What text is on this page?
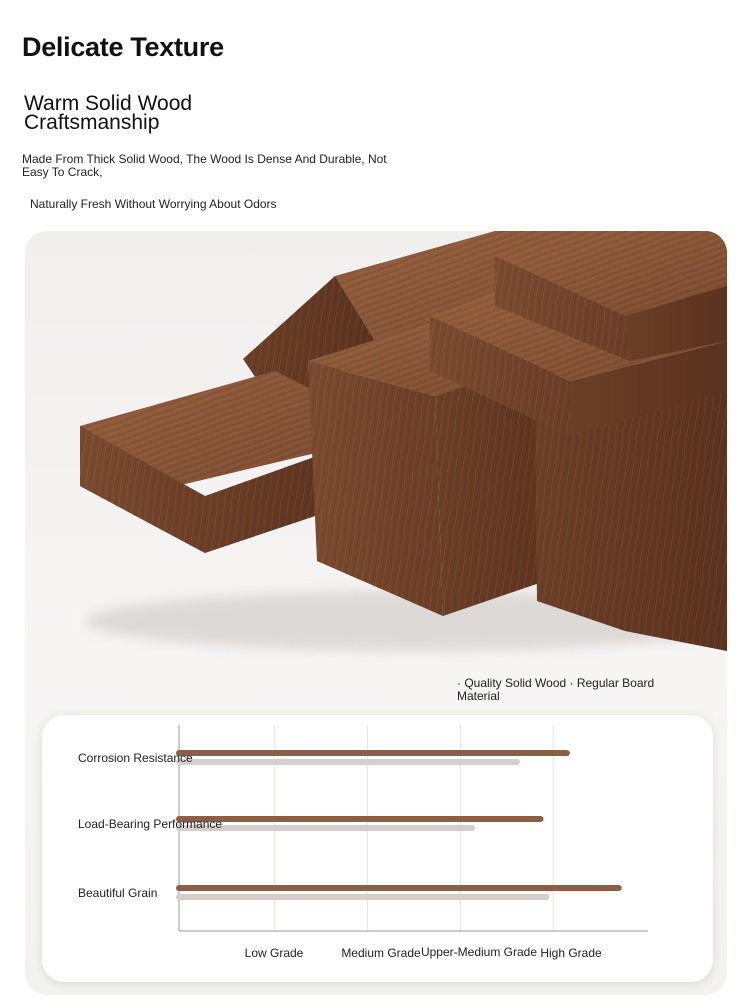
Delicate Texture
Warm Solid Wood Craftsmanship
Made From Thick Solid Wood, The Wood Is Dense And Durable, Not Easy To Crack,
Naturally Fresh Without Worrying About Odors
· Quality Solid Wood · Regular Board Material
Corrosion Resistance
Load-Bearing Performance
Beautiful Grain
Low Grade	Medium Grade Upper-Medium Grade High Grade
